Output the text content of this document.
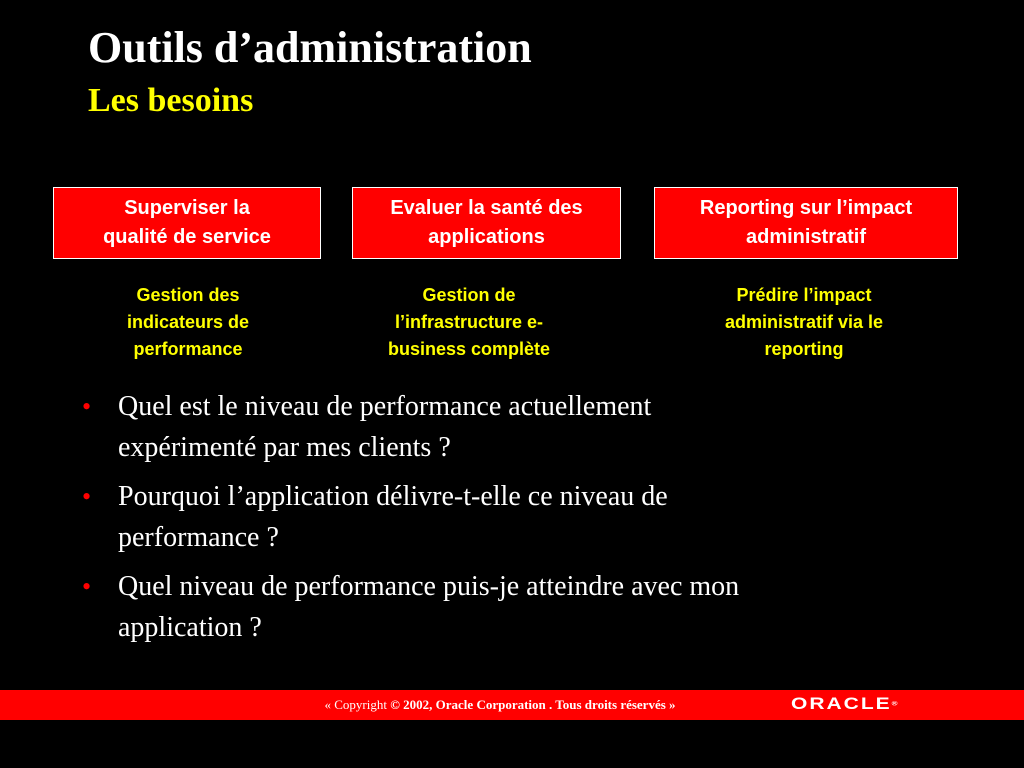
Outils d’administration
Les besoins
Superviser la
qualité de service
Evaluer la santé des
applications
Reporting sur l’impact
administratif
Gestion des
indicateurs de
performance
Gestion de
l’infrastructure e-
business complète
Prédire l’impact
administratif via le
reporting
• Quel est le niveau de performance actuellement
expérimenté par mes clients ?
• Pourquoi l’application délivre-t-elle ce niveau de
performance ?
• Quel niveau de performance puis-je atteindre avec mon
application ?
« Copyright © 2002, Oracle Corporation . Tous droits réservés »	ORACLE®
